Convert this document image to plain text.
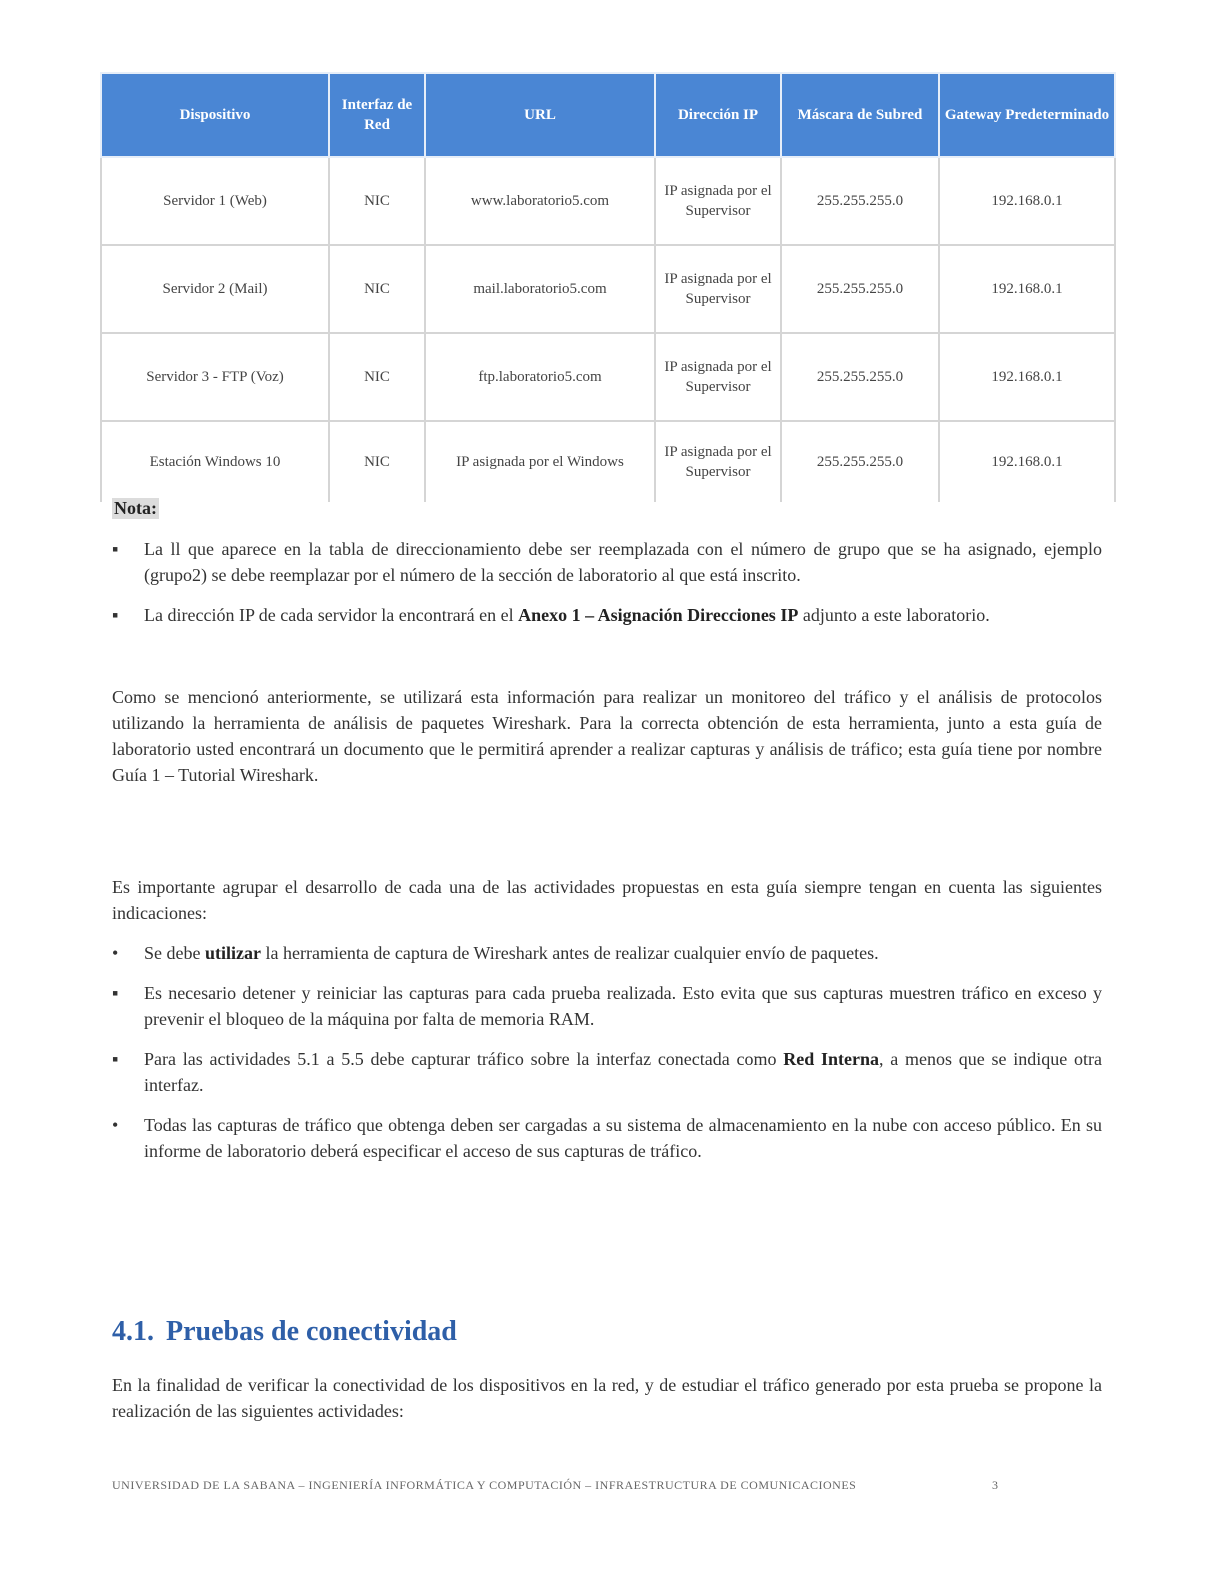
Dispositivo	Interfaz de Red	URL	Dirección IP	Máscara de Subred	Gateway Predeterminado
Servidor 1 (Web)	NIC	www.laboratorio5.com	IP asignada por el Supervisor	255.255.255.0	192.168.0.1
Servidor 2 (Mail)	NIC	mail.laboratorio5.com	IP asignada por el Supervisor	255.255.255.0	192.168.0.1
Servidor 3 - FTP (Voz)	NIC	ftp.laboratorio5.com	IP asignada por el Supervisor	255.255.255.0	192.168.0.1
Estación Windows 10	NIC	IP asignada por el Windows	IP asignada por el Supervisor	255.255.255.0	192.168.0.1
Nota:
▪ La ll que aparece en la tabla de direccionamiento debe ser reemplazada con el número de grupo que se ha asignado, ejemplo (grupo2) se debe reemplazar por el número de la sección de laboratorio al que está inscrito.
▪ La dirección IP de cada servidor la encontrará en el Anexo 1 – Asignación Direcciones IP adjunto a este laboratorio.
Como se mencionó anteriormente, se utilizará esta información para realizar un monitoreo del tráfico y el análisis de protocolos utilizando la herramienta de análisis de paquetes Wireshark. Para la correcta obtención de esta herramienta, junto a esta guía de laboratorio usted encontrará un documento que le permitirá aprender a realizar capturas y análisis de tráfico; esta guía tiene por nombre Guía 1 – Tutorial Wireshark.
Es importante agrupar el desarrollo de cada una de las actividades propuestas en esta guía siempre tengan en cuenta las siguientes indicaciones:
• Se debe utilizar la herramienta de captura de Wireshark antes de realizar cualquier envío de paquetes.
▪ Es necesario detener y reiniciar las capturas para cada prueba realizada. Esto evita que sus capturas muestren tráfico en exceso y prevenir el bloqueo de la máquina por falta de memoria RAM.
▪ Para las actividades 5.1 a 5.5 debe capturar tráfico sobre la interfaz conectada como Red Interna, a menos que se indique otra interfaz.
• Todas las capturas de tráfico que obtenga deben ser cargadas a su sistema de almacenamiento en la nube con acceso público. En su informe de laboratorio deberá especificar el acceso de sus capturas de tráfico.
4.1. Pruebas de conectividad
En la finalidad de verificar la conectividad de los dispositivos en la red, y de estudiar el tráfico generado por esta prueba se propone la realización de las siguientes actividades:
UNIVERSIDAD DE LA SABANA – INGENIERÍA INFORMÁTICA Y COMPUTACIÓN – INFRAESTRUCTURA DE COMUNICACIONES	3
